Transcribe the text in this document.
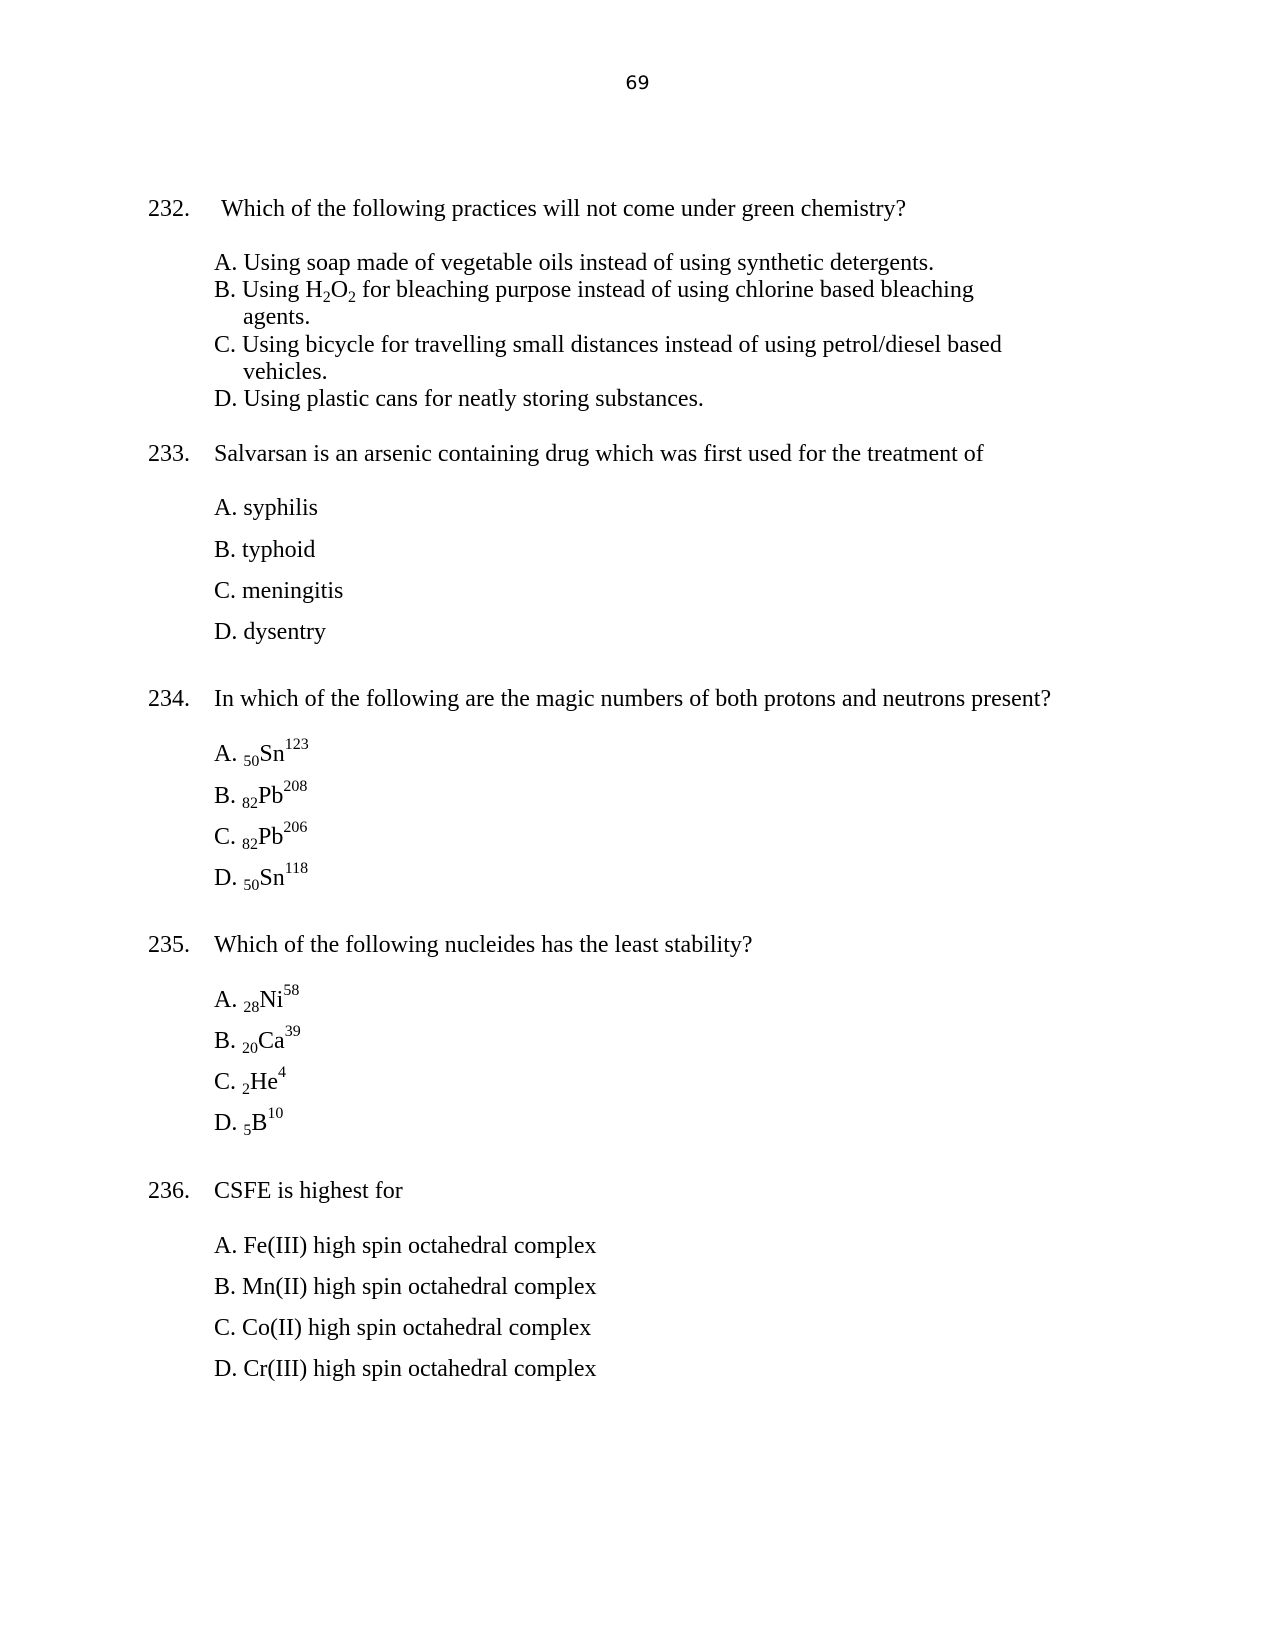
69
232. Which of the following practices will not come under green chemistry?
A. Using soap made of vegetable oils instead of using synthetic detergents.
B. Using $H_2O_2$ for bleaching purpose instead of using chlorine based bleaching
agents.
C. Using bicycle for travelling small distances instead of using petrol/diesel based
vehicles.
D. Using plastic cans for neatly storing substances.
233. Salvarsan is an arsenic containing drug which was first used for the treatment of
A. syphilis
B. typhoid
C. meningitis
D. dysentry
234. In which of the following are the magic numbers of both protons and neutrons present?
A. $_{50}Sn^{123}$
B. $_{82}Pb^{208}$
C. $_{82}Pb^{206}$
D. $_{50}Sn^{118}$
235. Which of the following nucleides has the least stability?
A. $_{28}Ni^{58}$
B. $_{20}Ca^{39}$
C. $_2He^4$
D. $_5B^{10}$
236. CSFE is highest for
A. Fe(III) high spin octahedral complex
B. Mn(II) high spin octahedral complex
C. Co(II) high spin octahedral complex
D. Cr(III) high spin octahedral complex
